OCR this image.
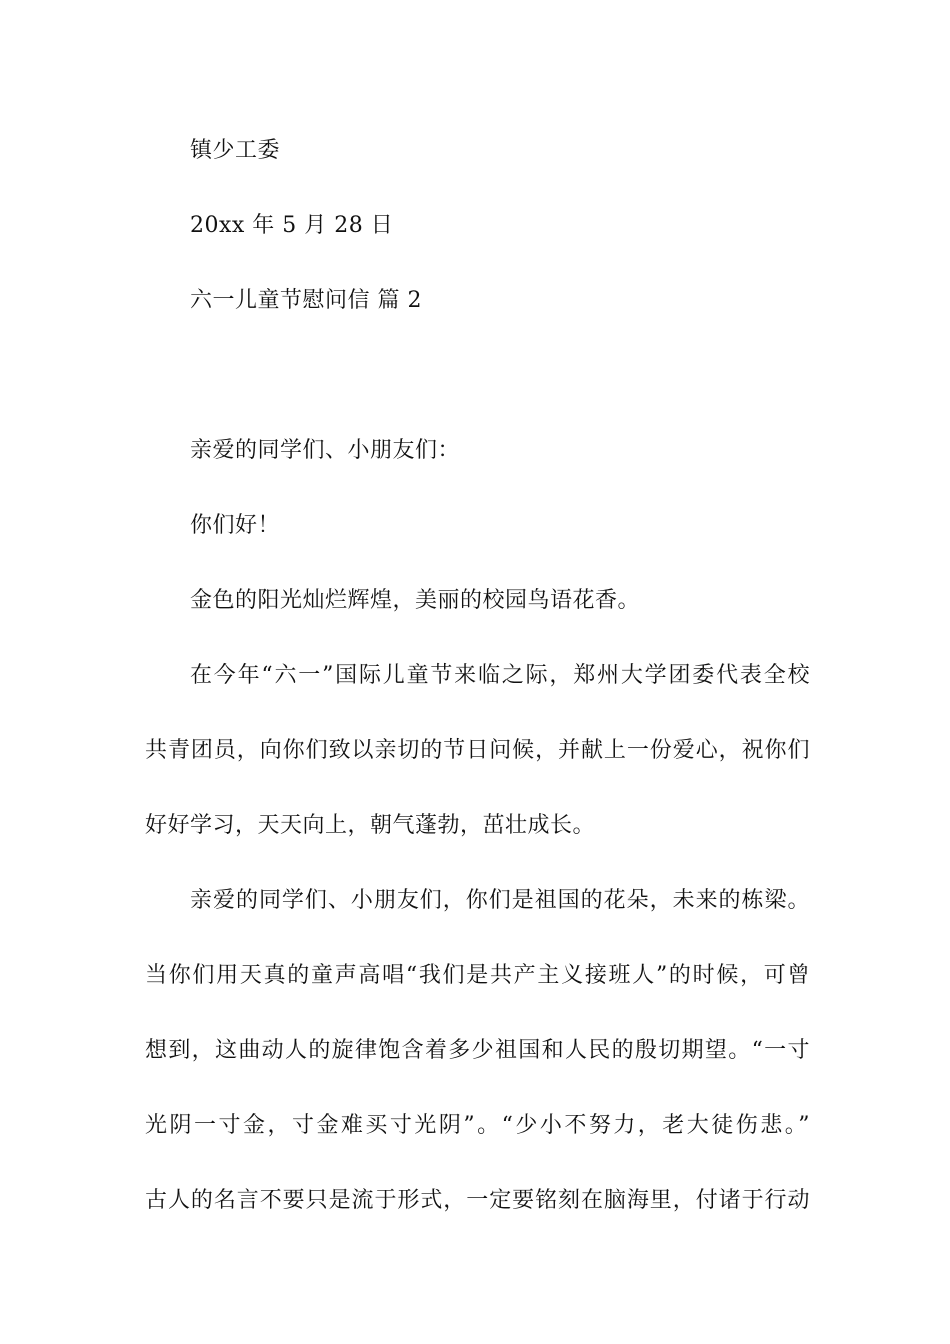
镇少工委

20xx 年 5 月 28 日

六一儿童节慰问信 篇 2

亲爱的同学们、小朋友们：

你们好！

金色的阳光灿烂辉煌，美丽的校园鸟语花香。

在今年“六一”国际儿童节来临之际，郑州大学团委代表全校

共青团员，向你们致以亲切的节日问候，并献上一份爱心，祝你们

好好学习，天天向上，朝气蓬勃，茁壮成长。

亲爱的同学们、小朋友们，你们是祖国的花朵，未来的栋梁。

当你们用天真的童声高唱“我们是共产主义接班人”的时候，可曾

想到，这曲动人的旋律饱含着多少祖国和人民的殷切期望。“一寸

光阴一寸金，寸金难买寸光阴”。“少小不努力，老大徒伤悲。”

古人的名言不要只是流于形式，一定要铭刻在脑海里，付诸于行动
